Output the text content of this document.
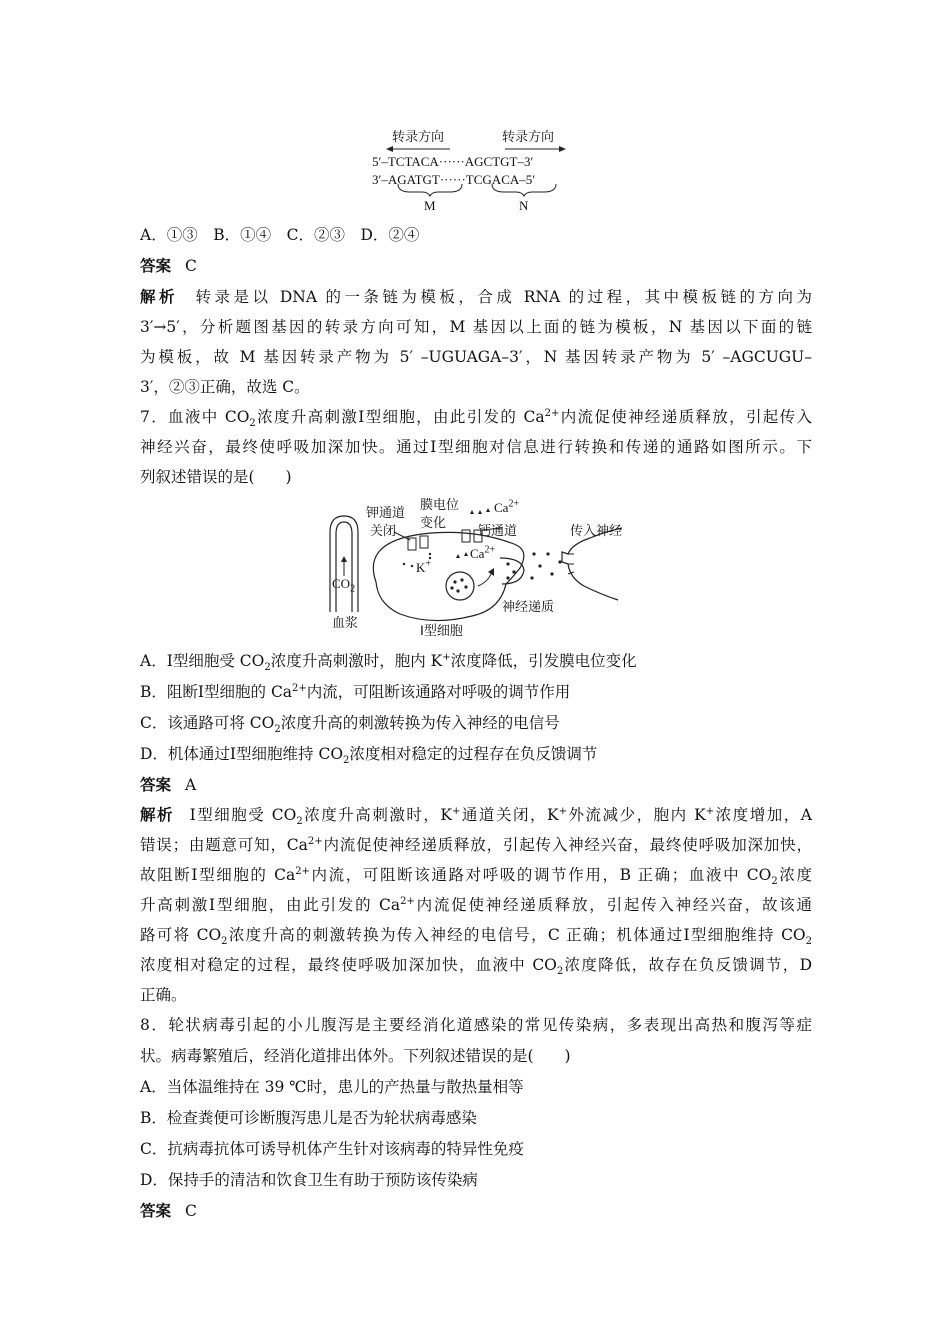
转录方向	转录方向
5′–TCTACA······AGCTGT–3′
3′–AGATGT······TCGACA–5′
M	N
A．①③　B．①④　C．②③　D．②④
答案 C
解析 转录是以 DNA 的一条链为模板，合成 RNA 的过程，其中模板链的方向为
3′→5′，分析题图基因的转录方向可知，M 基因以上面的链为模板，N 基因以下面的链
为模板，故 M 基因转录产物为 5′ –UGUAGA–3′，N 基因转录产物为 5′ –AGCUGU–
3′，②③正确，故选 C。
7．血液中 $CO_2$浓度升高刺激Ⅰ型细胞，由此引发的 $Ca^{2+}$内流促使神经递质释放，引起传入
神经兴奋，最终使呼吸加深加快。通过Ⅰ型细胞对信息进行转换和传递的通路如图所示。下
列叙述错误的是(　　)
钾通道
关闭
膜电位
变化
$Ca^{2+}$
钙通道	传入神经
K+
$Ca^{2+}$
$CO_2$
血浆
神经递质
Ⅰ型细胞
A．Ⅰ型细胞受 $CO_2$浓度升高刺激时，胞内 K+浓度降低，引发膜电位变化
B．阻断Ⅰ型细胞的 $Ca^{2+}$内流，可阻断该通路对呼吸的调节作用
C．该通路可将 $CO_2$浓度升高的刺激转换为传入神经的电信号
D．机体通过Ⅰ型细胞维持 $CO_2$浓度相对稳定的过程存在负反馈调节
答案 A
解析 Ⅰ型细胞受 $CO_2$浓度升高刺激时，K+通道关闭，K+外流减少，胞内 K+浓度增加，A
错误；由题意可知，$Ca^{2+}$内流促使神经递质释放，引起传入神经兴奋，最终使呼吸加深加快，
故阻断Ⅰ型细胞的 $Ca^{2+}$内流，可阻断该通路对呼吸的调节作用，B 正确；血液中 $CO_2$浓度
升高刺激Ⅰ型细胞，由此引发的 $Ca^{2+}$内流促使神经递质释放，引起传入神经兴奋，故该通
路可将 $CO_2$浓度升高的刺激转换为传入神经的电信号，C 正确；机体通过Ⅰ型细胞维持 $CO_2$
浓度相对稳定的过程，最终使呼吸加深加快，血液中 $CO_2$浓度降低，故存在负反馈调节，D
正确。
8．轮状病毒引起的小儿腹泻是主要经消化道感染的常见传染病，多表现出高热和腹泻等症
状。病毒繁殖后，经消化道排出体外。下列叙述错误的是(　　)
A．当体温维持在 39 ℃时，患儿的产热量与散热量相等
B．检查粪便可诊断腹泻患儿是否为轮状病毒感染
C．抗病毒抗体可诱导机体产生针对该病毒的特异性免疫
D．保持手的清洁和饮食卫生有助于预防该传染病
答案 C
